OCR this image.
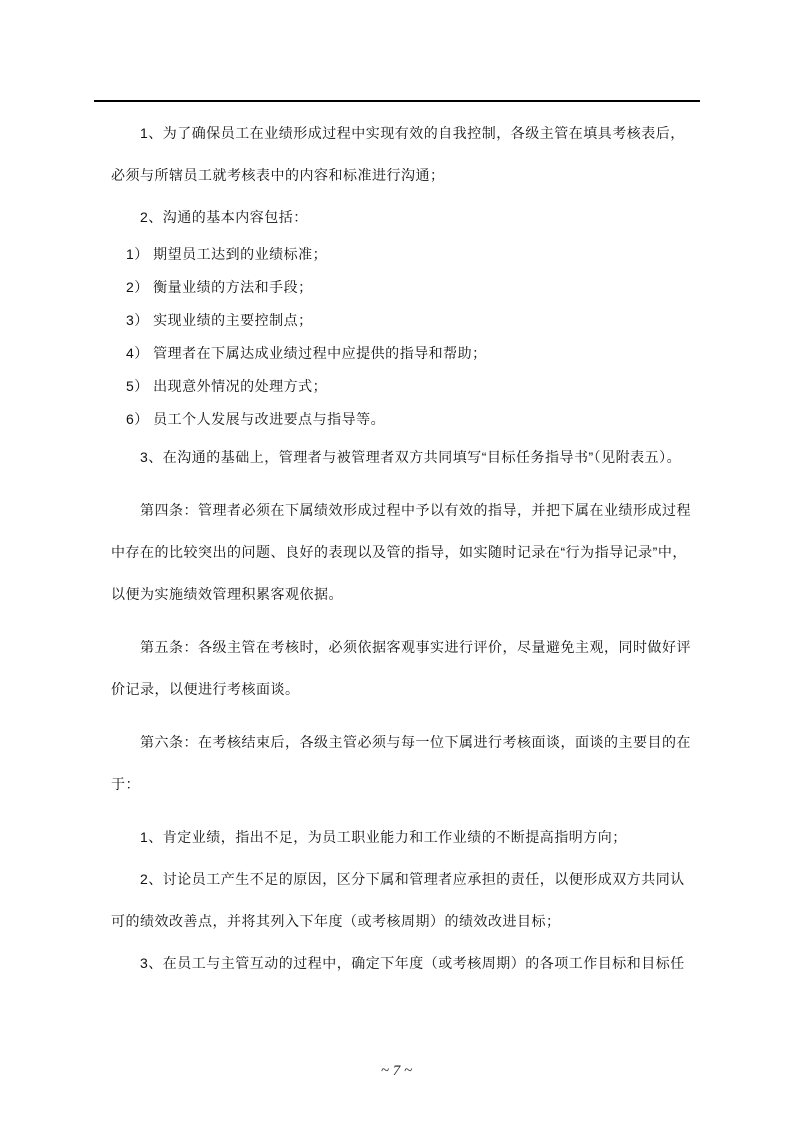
1、为了确保员工在业绩形成过程中实现有效的自我控制，各级主管在填具考核表后，
必须与所辖员工就考核表中的内容和标准进行沟通；

2、沟通的基本内容包括：

1） 期望员工达到的业绩标准；
2） 衡量业绩的方法和手段；
3） 实现业绩的主要控制点；
4） 管理者在下属达成业绩过程中应提供的指导和帮助；
5） 出现意外情况的处理方式；
6） 员工个人发展与改进要点与指导等。

3、在沟通的基础上，管理者与被管理者双方共同填写“目标任务指导书”（见附表五）。

第四条：管理者必须在下属绩效形成过程中予以有效的指导，并把下属在业绩形成过程
中存在的比较突出的问题、良好的表现以及管的指导，如实随时记录在“行为指导记录”中，
以便为实施绩效管理积累客观依据。

第五条：各级主管在考核时，必须依据客观事实进行评价，尽量避免主观，同时做好评
价记录，以便进行考核面谈。

第六条：在考核结束后，各级主管必须与每一位下属进行考核面谈，面谈的主要目的在
于：

1、肯定业绩，指出不足，为员工职业能力和工作业绩的不断提高指明方向；

2、讨论员工产生不足的原因，区分下属和管理者应承担的责任，以便形成双方共同认
可的绩效改善点，并将其列入下年度（或考核周期）的绩效改进目标；

3、在员工与主管互动的过程中，确定下年度（或考核周期）的各项工作目标和目标任

~ 7 ~
